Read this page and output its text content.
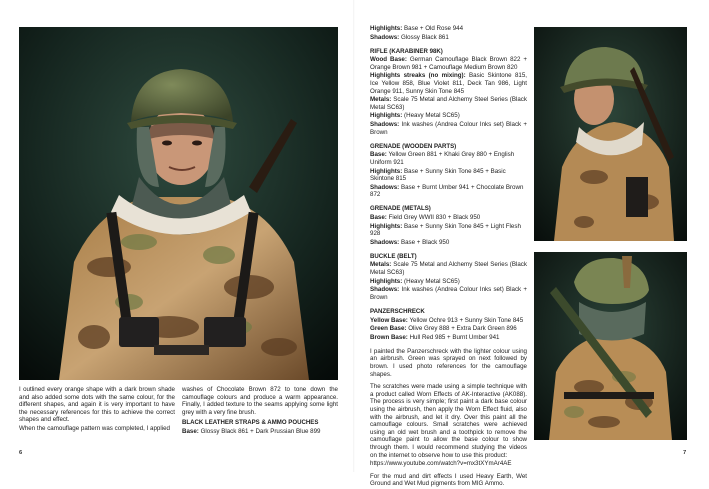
I outlined every orange shape with a dark brown shade and also added some dots with the same colour, for the different shapes, and again it is very important to have the necessary references for this to achieve the correct shapes and effect.

When the camouflage pattern was completed, I applied

washes of Chocolate Brown 872 to tone down the camouflage colours and produce a warm appearance. Finally, I added texture to the seams applying some light grey with a very fine brush.

BLACK LEATHER STRAPS & AMMO POUCHES

Base: Glossy Black 861 + Dark Prussian Blue 899

Highlights: Base + Old Rose 944

Shadows: Glossy Black 861

RIFLE (KARABINER 98K)

Wood Base: German Camouflage Black Brown 822 + Orange Brown 981 + Camouflage Medium Brown 820

Highlights streaks (no mixing): Basic Skintone 815, Ice Yellow 858, Blue Violet 811, Deck Tan 986, Light Orange 911, Sunny Skin Tone 845

Metals: Scale 75 Metal and Alchemy Steel Series (Black Metal SC63)

Highlights: (Heavy Metal SC65)

Shadows: Ink washes (Andrea Colour Inks set) Black + Brown

GRENADE (WOODEN PARTS)

Base: Yellow Green 881 + Khaki Grey 880 + English Uniform 921

Highlights: Base + Sunny Skin Tone 845 + Basic Skintone 815

Shadows: Base + Burnt Umber 941 + Chocolate Brown 872

GRENADE (METALS)

Base: Field Grey WWII 830 + Black 950

Highlights: Base + Sunny Skin Tone 845 + Light Flesh 928

Shadows: Base + Black 950

BUCKLE (BELT)

Metals: Scale 75 Metal and Alchemy Steel Series (Black Metal SC63)

Highlights: (Heavy Metal SC65)

Shadows: Ink washes (Andrea Colour Inks set) Black + Brown

PANZERSCHRECK

Yellow Base: Yellow Ochre 913 + Sunny Skin Tone 845

Green Base: Olive Grey 888 + Extra Dark Green 896

Brown Base: Hull Red 985 + Burnt Umber 941

I painted the Panzerschreck with the lighter colour using an airbrush. Green was sprayed on next followed by brown. I used photo references for the camouflage shapes.

The scratches were made using a simple technique with a product called Worn Effects of AK-Interactive (AK088). The process is very simple; first paint a dark base colour using the airbrush, then apply the Worn Effect fluid, also with the airbrush, and let it dry. Over this paint all the camouflage colours. Small scratches were achieved using an old wet brush and a toothpick to remove the camouflage paint to allow the base colour to show through them. I would recommend studying the videos on the internet to observe how to use this product:

https://www.youtube.com/watch?v=mx3tXYmAr4AE

For the mud and dirt effects I used Heavy Earth, Wet Ground and Wet Mud pigments from MIG Ammo.

6	7
